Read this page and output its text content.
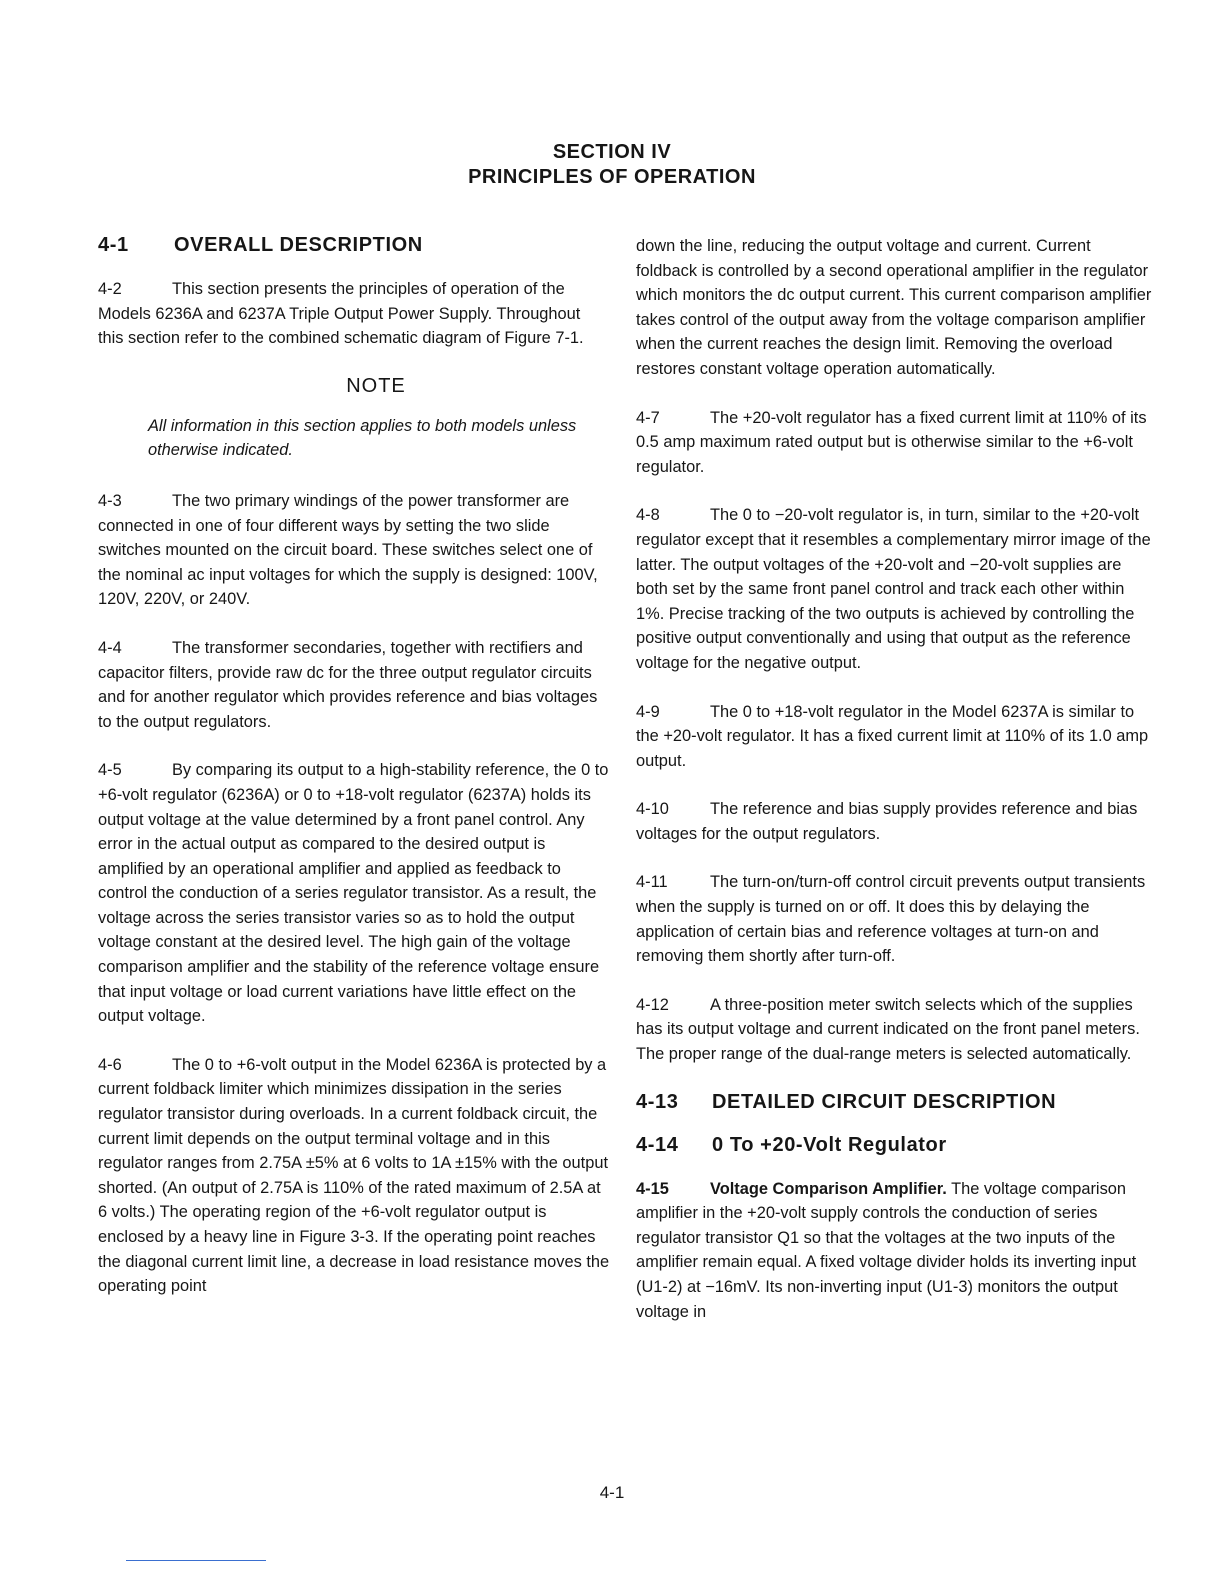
SECTION IV
PRINCIPLES OF OPERATION
4-1	OVERALL DESCRIPTION

4-2	This section presents the principles of operation of the Models 6236A and 6237A Triple Output Power Supply. Throughout this section refer to the combined schematic diagram of Figure 7-1.

NOTE
All information in this section applies to both models unless otherwise indicated.

4-3	The two primary windings of the power transformer are connected in one of four different ways by setting the two slide switches mounted on the circuit board. These switches select one of the nominal ac input voltages for which the supply is designed: 100V, 120V, 220V, or 240V.

4-4	The transformer secondaries, together with rectifiers and capacitor filters, provide raw dc for the three output regulator circuits and for another regulator which provides reference and bias voltages to the output regulators.

4-5	By comparing its output to a high-stability reference, the 0 to +6-volt regulator (6236A) or 0 to +18-volt regulator (6237A) holds its output voltage at the value determined by a front panel control. Any error in the actual output as compared to the desired output is amplified by an operational amplifier and applied as feedback to control the conduction of a series regulator transistor. As a result, the voltage across the series transistor varies so as to hold the output voltage constant at the desired level. The high gain of the voltage comparison amplifier and the stability of the reference voltage ensure that input voltage or load current variations have little effect on the output voltage.

4-6	The 0 to +6-volt output in the Model 6236A is protected by a current foldback limiter which minimizes dissipation in the series regulator transistor during overloads. In a current foldback circuit, the current limit depends on the output terminal voltage and in this regulator ranges from 2.75A ±5% at 6 volts to 1A ±15% with the output shorted. (An output of 2.75A is 110% of the rated maximum of 2.5A at 6 volts.) The operating region of the +6-volt regulator output is enclosed by a heavy line in Figure 3-3. If the operating point reaches the diagonal current limit line, a decrease in load resistance moves the operating point

down the line, reducing the output voltage and current. Current foldback is controlled by a second operational amplifier in the regulator which monitors the dc output current. This current comparison amplifier takes control of the output away from the voltage comparison amplifier when the current reaches the design limit. Removing the overload restores constant voltage operation automatically.

4-7	The +20-volt regulator has a fixed current limit at 110% of its 0.5 amp maximum rated output but is otherwise similar to the +6-volt regulator.

4-8	The 0 to −20-volt regulator is, in turn, similar to the +20-volt regulator except that it resembles a complementary mirror image of the latter. The output voltages of the +20-volt and −20-volt supplies are both set by the same front panel control and track each other within 1%. Precise tracking of the two outputs is achieved by controlling the positive output conventionally and using that output as the reference voltage for the negative output.

4-9	The 0 to +18-volt regulator in the Model 6237A is similar to the +20-volt regulator. It has a fixed current limit at 110% of its 1.0 amp output.

4-10	The reference and bias supply provides reference and bias voltages for the output regulators.

4-11	The turn-on/turn-off control circuit prevents output transients when the supply is turned on or off. It does this by delaying the application of certain bias and reference voltages at turn-on and removing them shortly after turn-off.

4-12	A three-position meter switch selects which of the supplies has its output voltage and current indicated on the front panel meters. The proper range of the dual-range meters is selected automatically.

4-13	DETAILED CIRCUIT DESCRIPTION
4-14	0 To +20-Volt Regulator

4-15	Voltage Comparison Amplifier. The voltage comparison amplifier in the +20-volt supply controls the conduction of series regulator transistor Q1 so that the voltages at the two inputs of the amplifier remain equal. A fixed voltage divider holds its inverting input (U1-2) at −16mV. Its non-inverting input (U1-3) monitors the output voltage in

4-1
